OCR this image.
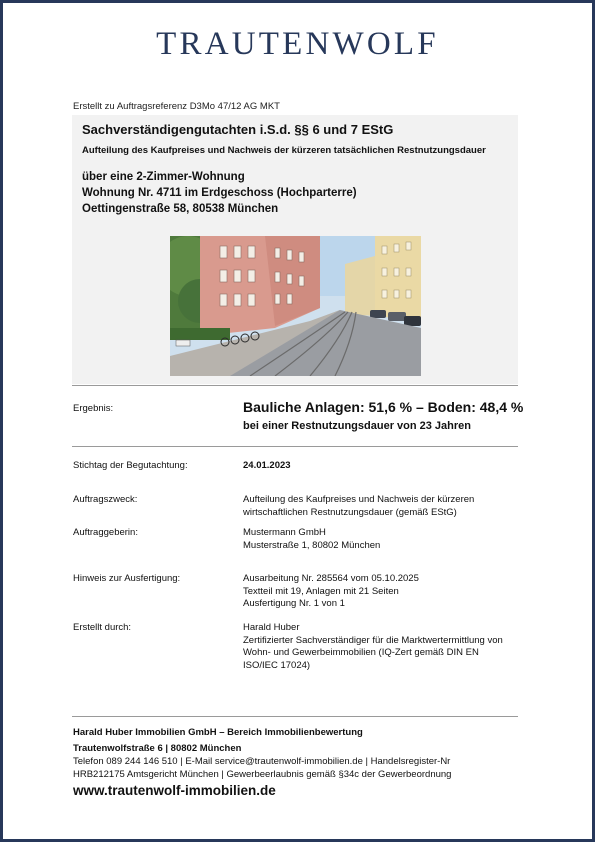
TRAUTENWOLF
Erstellt zu Auftragsreferenz D3Mo 47/12 AG MKT
Sachverständigengutachten i.S.d. §§ 6 und 7 EStG
Aufteilung des Kaufpreises und Nachweis der kürzeren tatsächlichen Restnutzungsdauer
über eine 2-Zimmer-Wohnung
Wohnung Nr. 4711 im Erdgeschoss (Hochparterre)
Oettingenstraße 58, 80538 München
Ergebnis:	Bauliche Anlagen: 51,6 % – Boden: 48,4 %
bei einer Restnutzungsdauer von 23 Jahren
Stichtag der Begutachtung:	24.01.2023
Auftragszweck:	Aufteilung des Kaufpreises und Nachweis der kürzeren
wirtschaftlichen Restnutzungsdauer (gemäß EStG)
Auftraggeberin:	Mustermann GmbH
Musterstraße 1, 80802 München
Hinweis zur Ausfertigung:	Ausarbeitung Nr. 285564 vom 05.10.2025
Textteil mit 19, Anlagen mit 21 Seiten
Ausfertigung Nr. 1 von 1
Erstellt durch:	Harald Huber
Zertifizierter Sachverständiger für die Marktwertermittlung von
Wohn- und Gewerbeimmobilien (IQ-Zert gemäß DIN EN
ISO/IEC 17024)
Harald Huber Immobilien GmbH – Bereich Immobilienbewertung
Trautenwolfstraße 6 | 80802 München
Telefon 089 244 146 510 | E-Mail service@trautenwolf-immobilien.de | Handelsregister-Nr
HRB212175 Amtsgericht München | Gewerbeerlaubnis gemäß §34c der Gewerbeordnung
www.trautenwolf-immobilien.de
